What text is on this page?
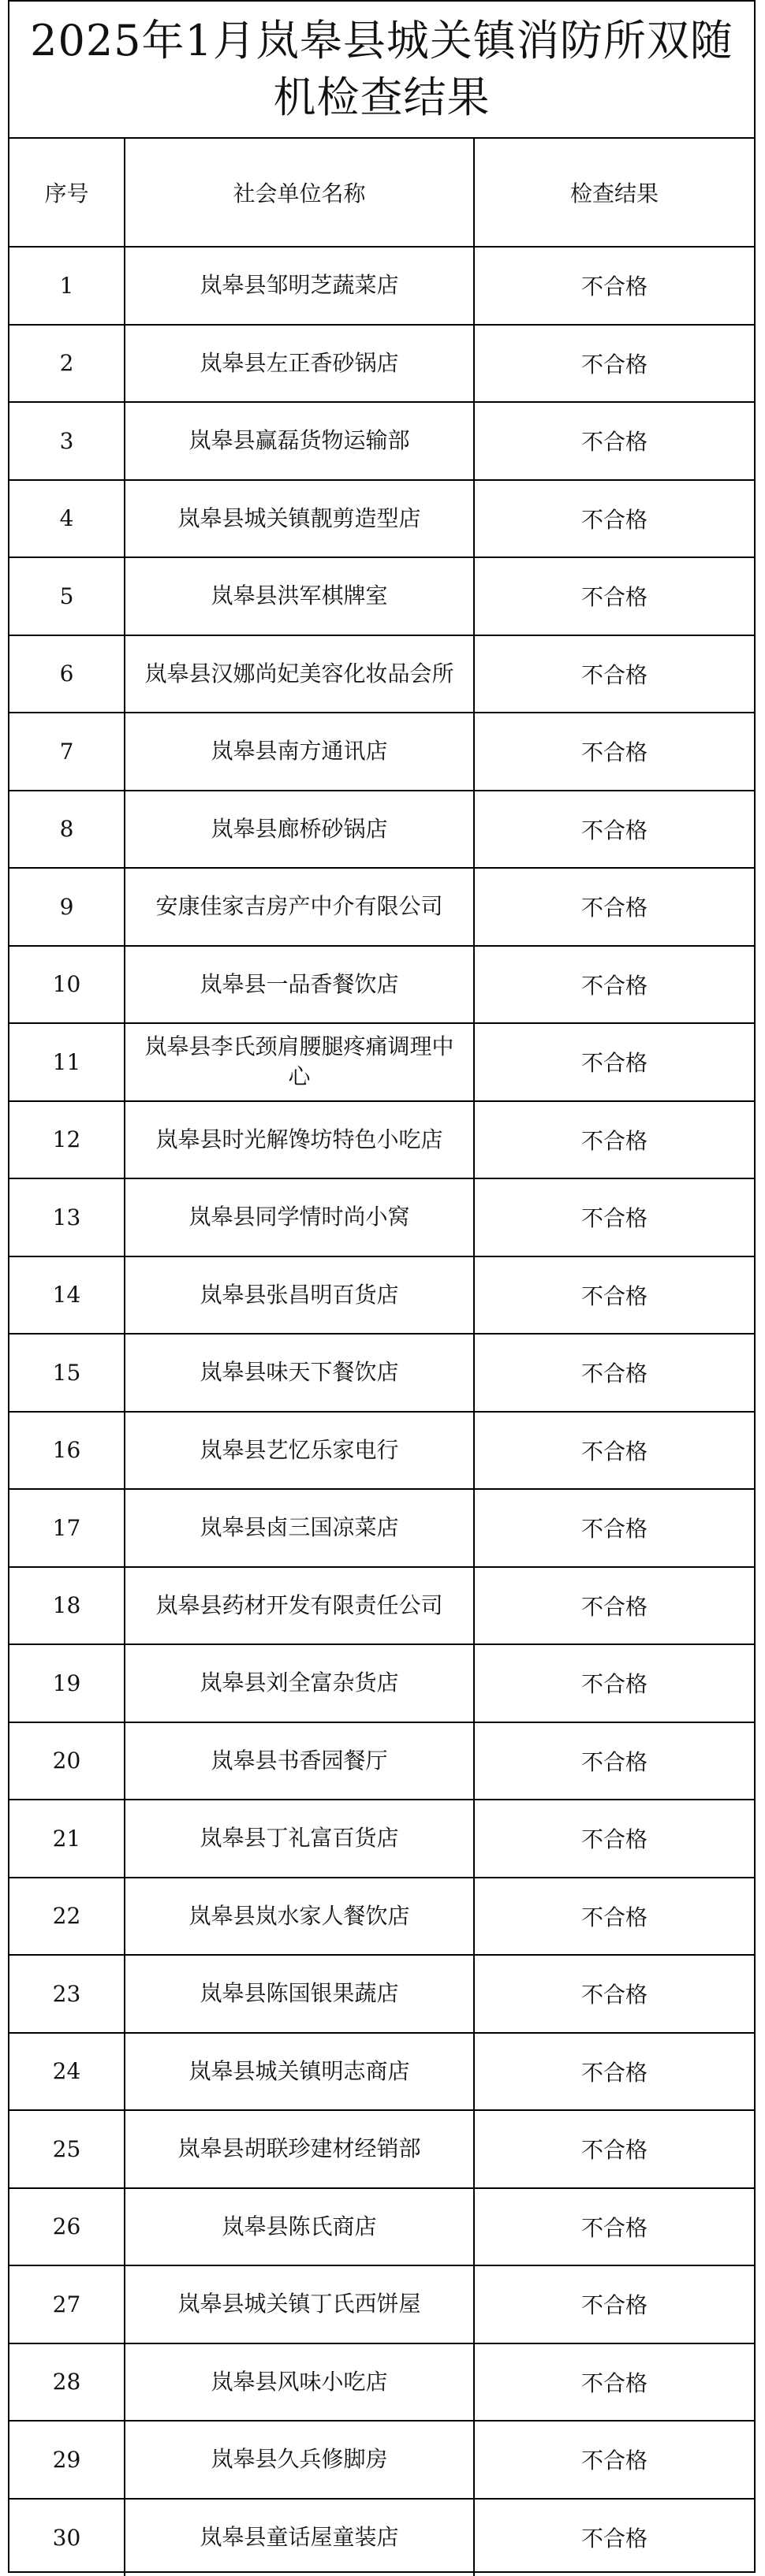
2025年1月岚皋县城关镇消防所双随机检查结果
序号	社会单位名称	检查结果
1	岚皋县邹明芝蔬菜店	不合格
2	岚皋县左正香砂锅店	不合格
3	岚皋县赢磊货物运输部	不合格
4	岚皋县城关镇靓剪造型店	不合格
5	岚皋县洪军棋牌室	不合格
6	岚皋县汉娜尚妃美容化妆品会所	不合格
7	岚皋县南方通讯店	不合格
8	岚皋县廊桥砂锅店	不合格
9	安康佳家吉房产中介有限公司	不合格
10	岚皋县一品香餐饮店	不合格
11	岚皋县李氏颈肩腰腿疼痛调理中心	不合格
12	岚皋县时光解馋坊特色小吃店	不合格
13	岚皋县同学情时尚小窝	不合格
14	岚皋县张昌明百货店	不合格
15	岚皋县味天下餐饮店	不合格
16	岚皋县艺忆乐家电行	不合格
17	岚皋县卤三国凉菜店	不合格
18	岚皋县药材开发有限责任公司	不合格
19	岚皋县刘全富杂货店	不合格
20	岚皋县书香园餐厅	不合格
21	岚皋县丁礼富百货店	不合格
22	岚皋县岚水家人餐饮店	不合格
23	岚皋县陈国银果蔬店	不合格
24	岚皋县城关镇明志商店	不合格
25	岚皋县胡联珍建材经销部	不合格
26	岚皋县陈氏商店	不合格
27	岚皋县城关镇丁氏西饼屋	不合格
28	岚皋县风味小吃店	不合格
29	岚皋县久兵修脚房	不合格
30	岚皋县童话屋童装店	不合格
